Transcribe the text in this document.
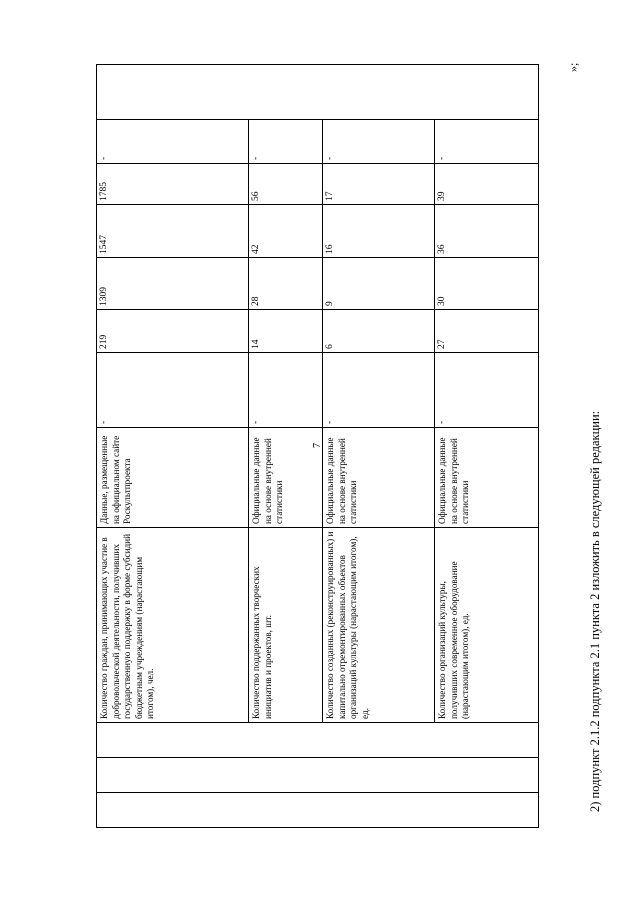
7
			Количество граждан, принимающих участие в добровольческой деятельности, получивших государственную поддержку в форме субсидий бюджетным учреждениям (нарастающим итогом), чел.	Данные, размещенные на официальном сайте Роскультпроекта	-	219	1309	1547	1785	-	
			Количество поддержанных творческих инициатив и проектов, шт.	Официальные данные на основе внутренней статистики	-	14	28	42	56	-	
			Количество созданных (реконструированных) и капитально отремонтированных объектов организаций культуры (нарастающим итогом), ед.	Официальные данные на основе внутренней статистики	-	6	9	16	17	-	
			Количество организаций культуры, получивших современное оборудование (нарастающим итогом), ед.	Официальные данные на основе внутренней статистики	-	27	30	36	39	-	
»;
2) подпункт 2.1.2 подпункта 2.1 пункта 2 изложить в следующей редакции:
